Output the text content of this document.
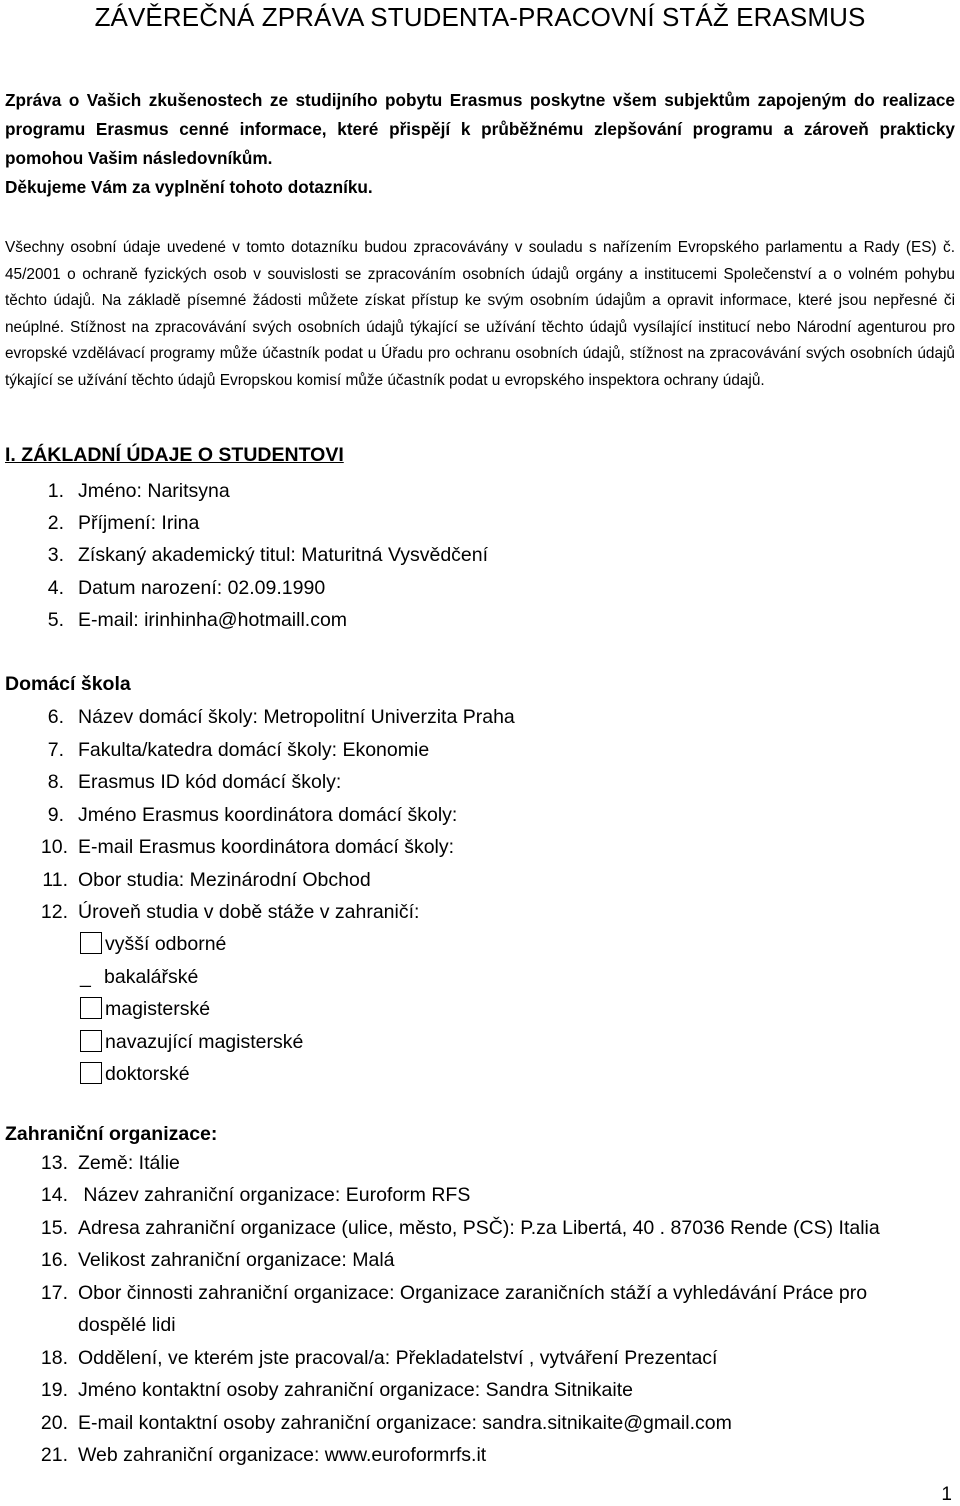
ZÁVĚREČNÁ ZPRÁVA STUDENTA-PRACOVNÍ STÁŽ ERASMUS

Zpráva o Vašich zkušenostech ze studijního pobytu Erasmus poskytne všem subjektům zapojeným do realizace programu Erasmus cenné informace, které přispějí k průběžnému zlepšování programu a zároveň prakticky pomohou Vašim následovníkům.
Děkujeme Vám za vyplnění tohoto dotazníku.

Všechny osobní údaje uvedené v tomto dotazníku budou zpracovávány v souladu s nařízením Evropského parlamentu a Rady (ES) č. 45/2001 o ochraně fyzických osob v souvislosti se zpracováním osobních údajů orgány a institucemi Společenství a o volném pohybu těchto údajů. Na základě písemné žádosti můžete získat přístup ke svým osobním údajům a opravit informace, které jsou nepřesné či neúplné. Stížnost na zpracovávání svých osobních údajů týkající se užívání těchto údajů vysílající institucí nebo Národní agenturou pro evropské vzdělávací programy může účastník podat u Úřadu pro ochranu osobních údajů, stížnost na zpracovávání svých osobních údajů týkající se užívání těchto údajů Evropskou komisí může účastník podat u evropského inspektora ochrany údajů.

I. ZÁKLADNÍ ÚDAJE O STUDENTOVI
1. Jméno: Naritsyna
2. Příjmení: Irina
3. Získaný akademický titul: Maturitná Vysvědčení
4. Datum narození: 02.09.1990
5. E-mail: irinhinha@hotmaill.com
Domácí škola
6. Název domácí školy: Metropolitní Univerzita Praha
7. Fakulta/katedra domácí školy: Ekonomie
8. Erasmus ID kód domácí školy:
9. Jméno Erasmus koordinátora domácí školy:
10. E-mail Erasmus koordinátora domácí školy:
11. Obor studia: Mezinárodní Obchod
12. Úroveň studia v době stáže v zahraničí:
vyšší odborné
_ bakalářské
magisterské
navazující magisterské
doktorské
Zahraniční organizace:
13. Země: Itálie
14. Název zahraniční organizace: Euroform RFS
15. Adresa zahraniční organizace (ulice, město, PSČ): P.za Libertá, 40 . 87036 Rende (CS) Italia
16. Velikost zahraniční organizace: Malá
17. Obor činnosti zahraniční organizace: Organizace zaraničních stáží a vyhledávání Práce pro
dospělé lidi
18. Oddělení, ve kterém jste pracoval/a: Překladatelství , vytváření Prezentací
19. Jméno kontaktní osoby zahraniční organizace: Sandra Sitnikaite
20. E-mail kontaktní osoby zahraniční organizace: sandra.sitnikaite@gmail.com
21. Web zahraniční organizace: www.euroformrfs.it
1
